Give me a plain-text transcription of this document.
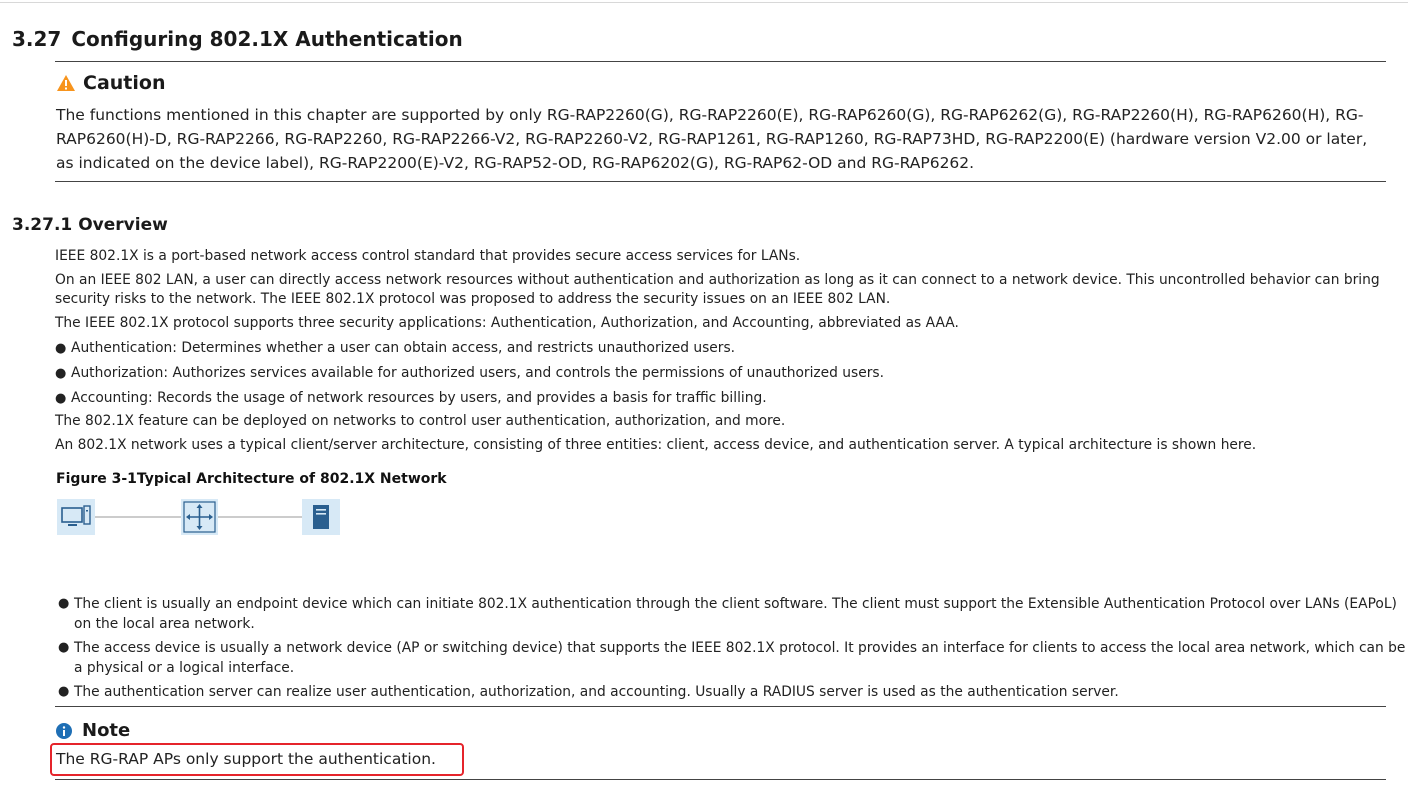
3.27 Configuring 802.1X Authentication
Caution
The functions mentioned in this chapter are supported by only RG-RAP2260(G), RG-RAP2260(E), RG-RAP6260(G), RG-RAP6262(G), RG-RAP2260(H), RG-RAP6260(H), RG-RAP6260(H)-D, RG-RAP2266, RG-RAP2260, RG-RAP2266-V2, RG-RAP2260-V2, RG-RAP1261, RG-RAP1260, RG-RAP73HD, RG-RAP2200(E) (hardware version V2.00 or later, as indicated on the device label), RG-RAP2200(E)-V2, RG-RAP52-OD, RG-RAP6202(G), RG-RAP62-OD and RG-RAP6262.
3.27.1 Overview
IEEE 802.1X is a port-based network access control standard that provides secure access services for LANs.
On an IEEE 802 LAN, a user can directly access network resources without authentication and authorization as long as it can connect to a network device. This uncontrolled behavior can bring security risks to the network. The IEEE 802.1X protocol was proposed to address the security issues on an IEEE 802 LAN.
The IEEE 802.1X protocol supports three security applications: Authentication, Authorization, and Accounting, abbreviated as AAA.
● Authentication: Determines whether a user can obtain access, and restricts unauthorized users.
● Authorization: Authorizes services available for authorized users, and controls the permissions of unauthorized users.
● Accounting: Records the usage of network resources by users, and provides a basis for traffic billing.
The 802.1X feature can be deployed on networks to control user authentication, authorization, and more.
An 802.1X network uses a typical client/server architecture, consisting of three entities: client, access device, and authentication server. A typical architecture is shown here.
Figure 3-1Typical Architecture of 802.1X Network
● The client is usually an endpoint device which can initiate 802.1X authentication through the client software. The client must support the Extensible Authentication Protocol over LANs (EAPoL) on the local area network.
● The access device is usually a network device (AP or switching device) that supports the IEEE 802.1X protocol. It provides an interface for clients to access the local area network, which can be a physical or a logical interface.
● The authentication server can realize user authentication, authorization, and accounting. Usually a RADIUS server is used as the authentication server.
Note
The RG-RAP APs only support the authentication.
